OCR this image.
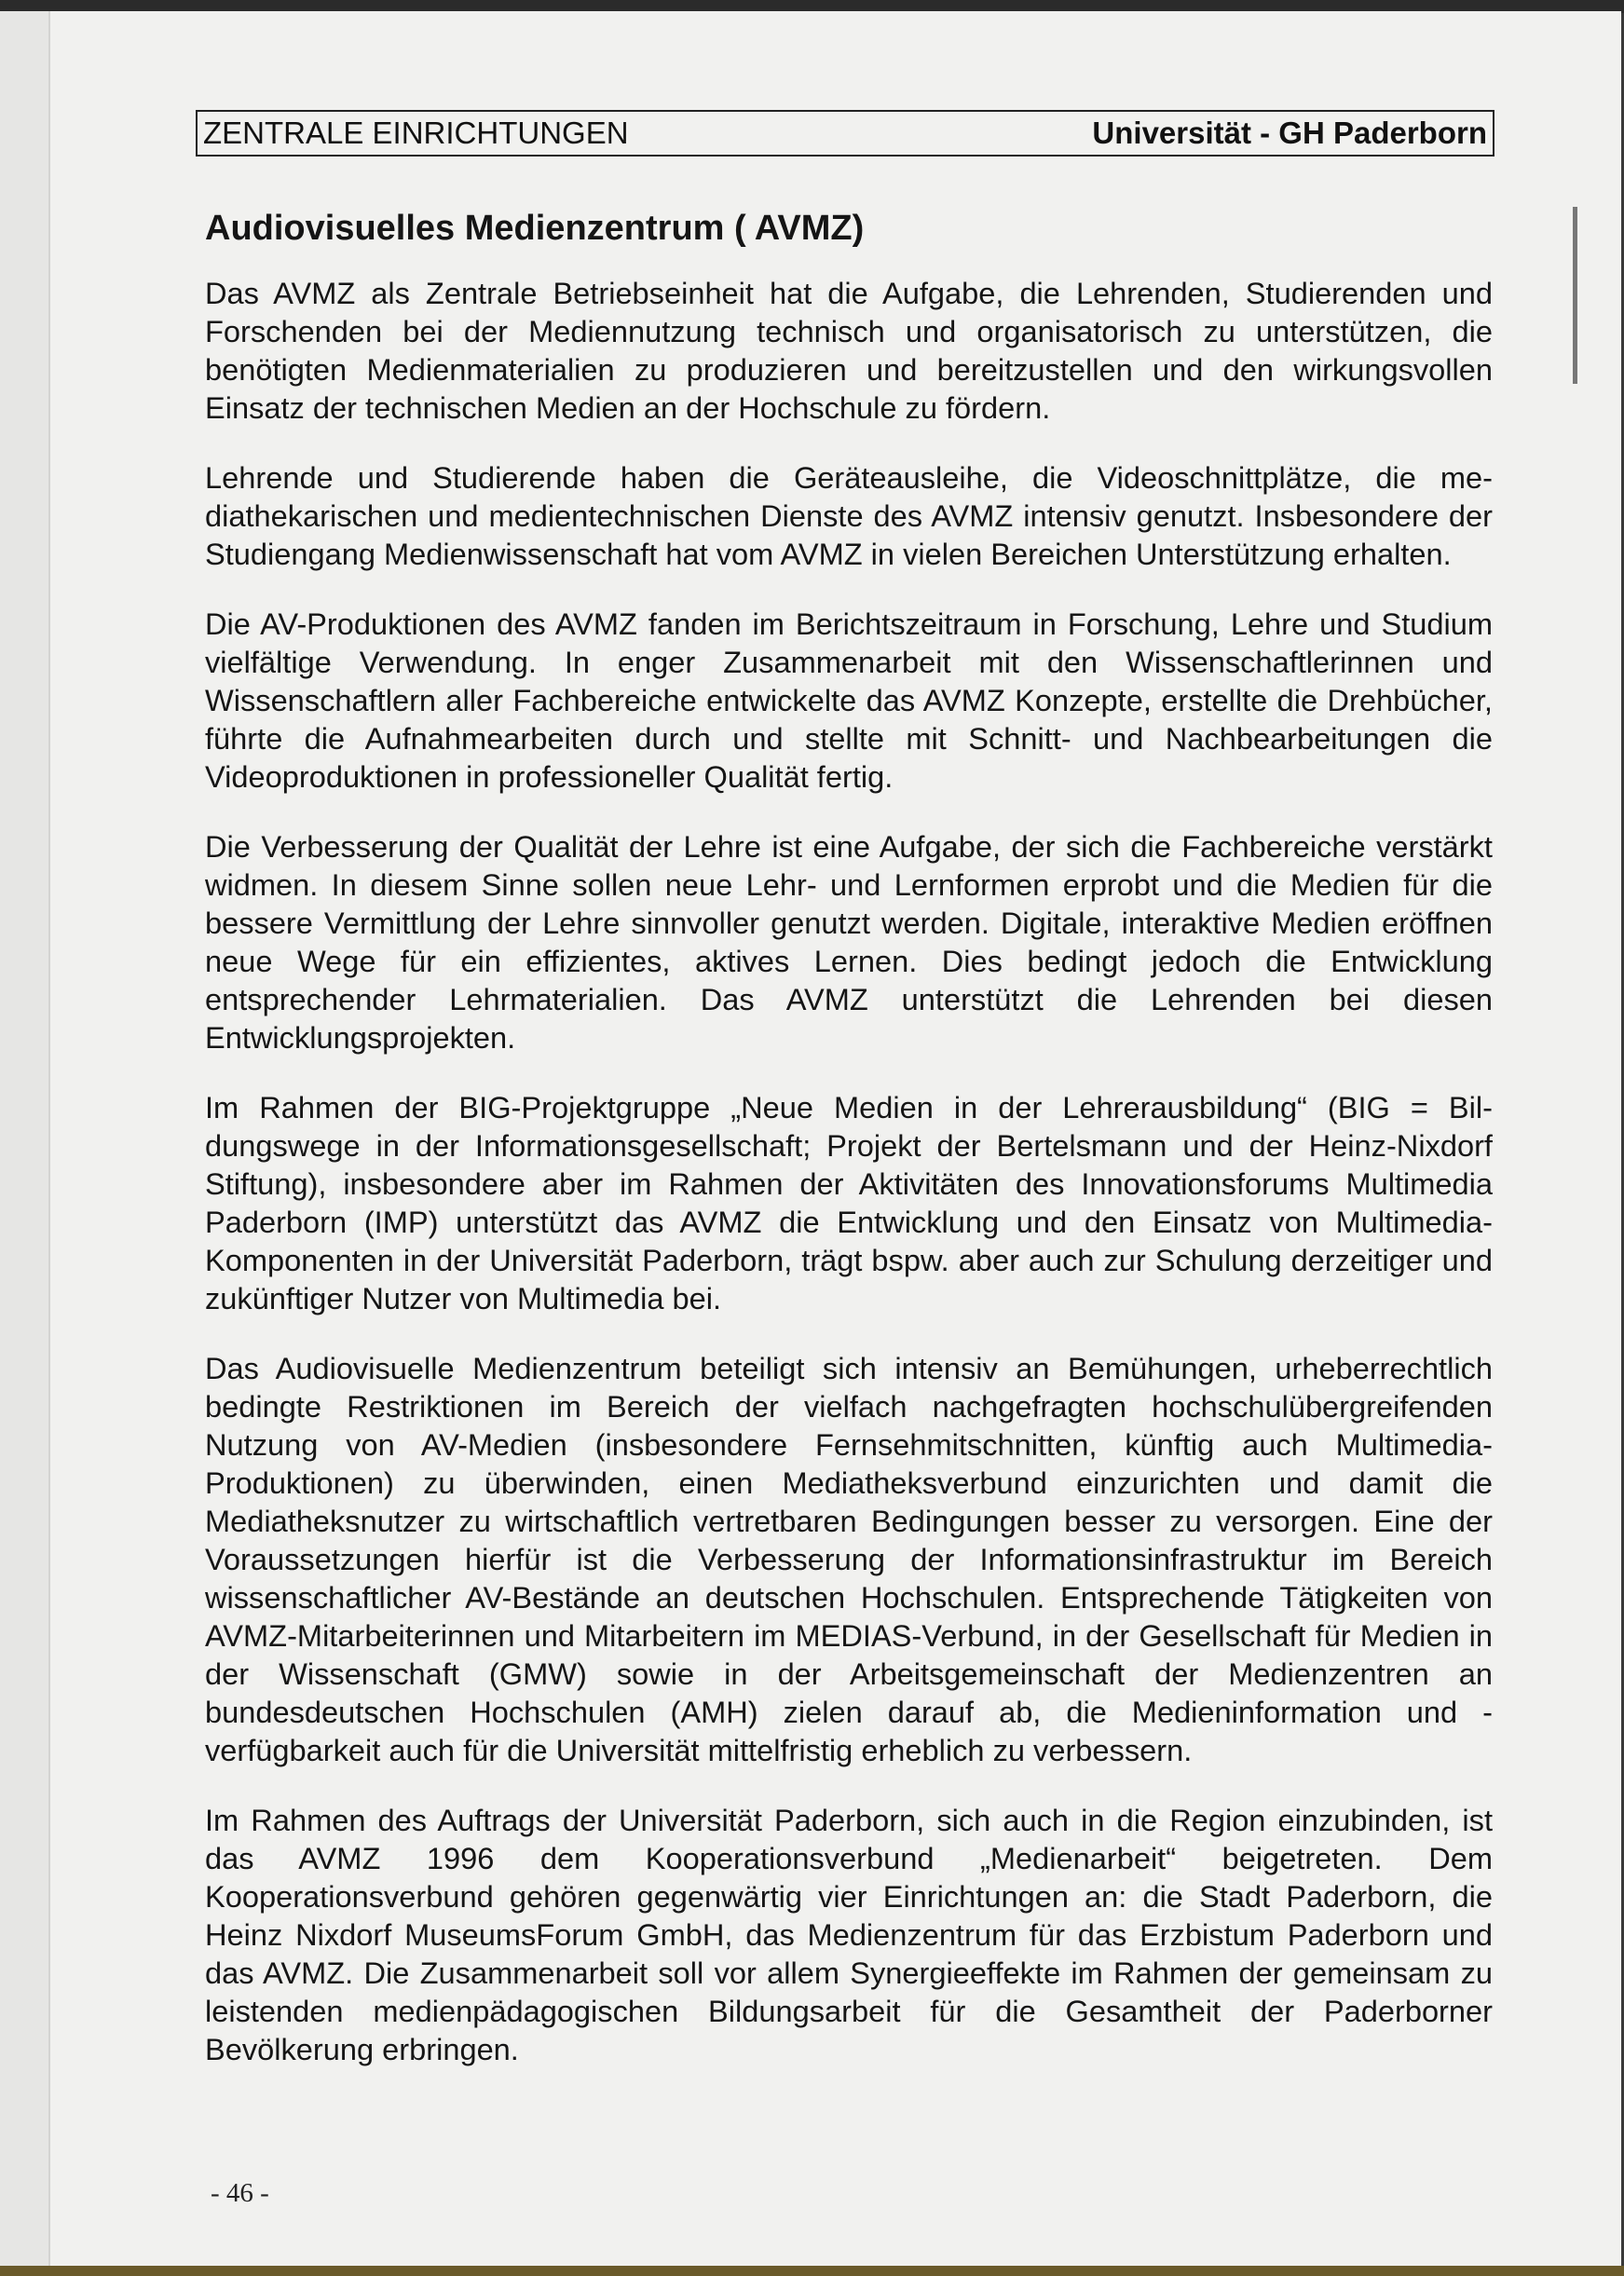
ZENTRALE EINRICHTUNGEN	Universität - GH Paderborn
Audiovisuelles Medienzentrum ( AVMZ)

Das AVMZ als Zentrale Betriebseinheit hat die Aufgabe, die Lehrenden, Studierenden und Forschenden bei der Mediennutzung technisch und organisatorisch zu unterstützen, die benötigten Medienmaterialien zu produzieren und bereitzustellen und den wirkungsvollen Einsatz der technischen Medien an der Hochschule zu fördern.

Lehrende und Studierende haben die Geräteausleihe, die Videoschnittplätze, die mediathekarischen und medientechnischen Dienste des AVMZ intensiv genutzt. Insbesondere der Studiengang Medienwissenschaft hat vom AVMZ in vielen Bereichen Unterstützung erhalten.

Die AV-Produktionen des AVMZ fanden im Berichtszeitraum in Forschung, Lehre und Studium vielfältige Verwendung. In enger Zusammenarbeit mit den Wissenschaftlerinnen und Wissenschaftlern aller Fachbereiche entwickelte das AVMZ Konzepte, erstellte die Drehbücher, führte die Aufnahmearbeiten durch und stellte mit Schnitt- und Nachbearbeitungen die Videoproduktionen in professioneller Qualität fertig.

Die Verbesserung der Qualität der Lehre ist eine Aufgabe, der sich die Fachbereiche verstärkt widmen. In diesem Sinne sollen neue Lehr- und Lernformen erprobt und die Medien für die bessere Vermittlung der Lehre sinnvoller genutzt werden. Digitale, interaktive Medien eröffnen neue Wege für ein effizientes, aktives Lernen. Dies bedingt jedoch die Entwicklung entsprechender Lehrmaterialien. Das AVMZ unterstützt die Lehrenden bei diesen Entwicklungsprojekten.

Im Rahmen der BIG-Projektgruppe „Neue Medien in der Lehrerausbildung“ (BIG = Bildungswege in der Informationsgesellschaft; Projekt der Bertelsmann und der Heinz-Nixdorf Stiftung), insbesondere aber im Rahmen der Aktivitäten des Innovationsforums Multimedia Paderborn (IMP) unterstützt das AVMZ die Entwicklung und den Einsatz von Multimedia-Komponenten in der Universität Paderborn, trägt bspw. aber auch zur Schulung derzeitiger und zukünftiger Nutzer von Multimedia bei.

Das Audiovisuelle Medienzentrum beteiligt sich intensiv an Bemühungen, urheberrechtlich bedingte Restriktionen im Bereich der vielfach nachgefragten hochschulübergreifenden Nutzung von AV-Medien (insbesondere Fernsehmitschnitten, künftig auch Multimedia-Produktionen) zu überwinden, einen Mediatheksverbund einzurichten und damit die Mediatheksnutzer zu wirtschaftlich vertretbaren Bedingungen besser zu versorgen. Eine der Voraussetzungen hierfür ist die Verbesserung der Informationsinfrastruktur im Bereich wissenschaftlicher AV-Bestände an deutschen Hochschulen. Entsprechende Tätigkeiten von AVMZ-Mitarbeiterinnen und Mitarbeitern im MEDIAS-Verbund, in der Gesellschaft für Medien in der Wissenschaft (GMW) sowie in der Arbeitsgemeinschaft der Medienzentren an bundesdeutschen Hochschulen (AMH) zielen darauf ab, die Medieninformation und -verfügbarkeit auch für die Universität mittelfristig erheblich zu verbessern.

Im Rahmen des Auftrags der Universität Paderborn, sich auch in die Region einzubinden, ist das AVMZ 1996 dem Kooperationsverbund „Medienarbeit“ beigetreten. Dem Kooperationsverbund gehören gegenwärtig vier Einrichtungen an: die Stadt Paderborn, die Heinz Nixdorf MuseumsForum GmbH, das Medienzentrum für das Erzbistum Paderborn und das AVMZ. Die Zusammenarbeit soll vor allem Synergieeffekte im Rahmen der gemeinsam zu leistenden medienpädagogischen Bildungsarbeit für die Gesamtheit der Paderborner Bevölkerung erbringen.

- 46 -
